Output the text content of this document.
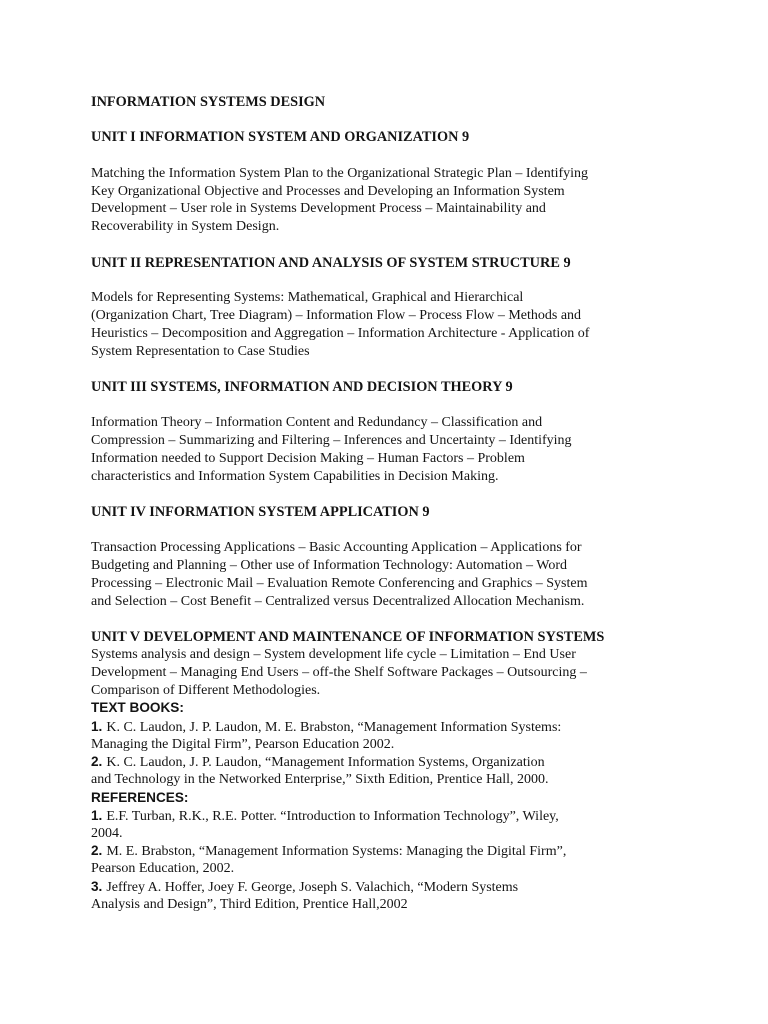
INFORMATION SYSTEMS DESIGN
UNIT I INFORMATION SYSTEM AND ORGANIZATION 9
Matching the Information System Plan to the Organizational Strategic Plan – Identifying
Key Organizational Objective and Processes and Developing an Information System
Development – User role in Systems Development Process – Maintainability and
Recoverability in System Design.
UNIT II REPRESENTATION AND ANALYSIS OF SYSTEM STRUCTURE 9
Models for Representing Systems: Mathematical, Graphical and Hierarchical
(Organization Chart, Tree Diagram) – Information Flow – Process Flow – Methods and
Heuristics – Decomposition and Aggregation – Information Architecture - Application of
System Representation to Case Studies
UNIT III SYSTEMS, INFORMATION AND DECISION THEORY 9
Information Theory – Information Content and Redundancy – Classification and
Compression – Summarizing and Filtering – Inferences and Uncertainty – Identifying
Information needed to Support Decision Making – Human Factors – Problem
characteristics and Information System Capabilities in Decision Making.
UNIT IV INFORMATION SYSTEM APPLICATION 9
Transaction Processing Applications – Basic Accounting Application – Applications for
Budgeting and Planning – Other use of Information Technology: Automation – Word
Processing – Electronic Mail – Evaluation Remote Conferencing and Graphics – System
and Selection – Cost Benefit – Centralized versus Decentralized Allocation Mechanism.
UNIT V DEVELOPMENT AND MAINTENANCE OF INFORMATION SYSTEMS
Systems analysis and design – System development life cycle – Limitation – End User
Development – Managing End Users – off-the Shelf Software Packages – Outsourcing –
Comparison of Different Methodologies.
TEXT BOOKS:
1. K. C. Laudon, J. P. Laudon, M. E. Brabston, “Management Information Systems:
Managing the Digital Firm”, Pearson Education 2002.
2. K. C. Laudon, J. P. Laudon, “Management Information Systems, Organization
and Technology in the Networked Enterprise,” Sixth Edition, Prentice Hall, 2000.
REFERENCES:
1. E.F. Turban, R.K., R.E. Potter. “Introduction to Information Technology”, Wiley,
2004.
2. M. E. Brabston, “Management Information Systems: Managing the Digital Firm”,
Pearson Education, 2002.
3. Jeffrey A. Hoffer, Joey F. George, Joseph S. Valachich, “Modern Systems
Analysis and Design”, Third Edition, Prentice Hall,2002
